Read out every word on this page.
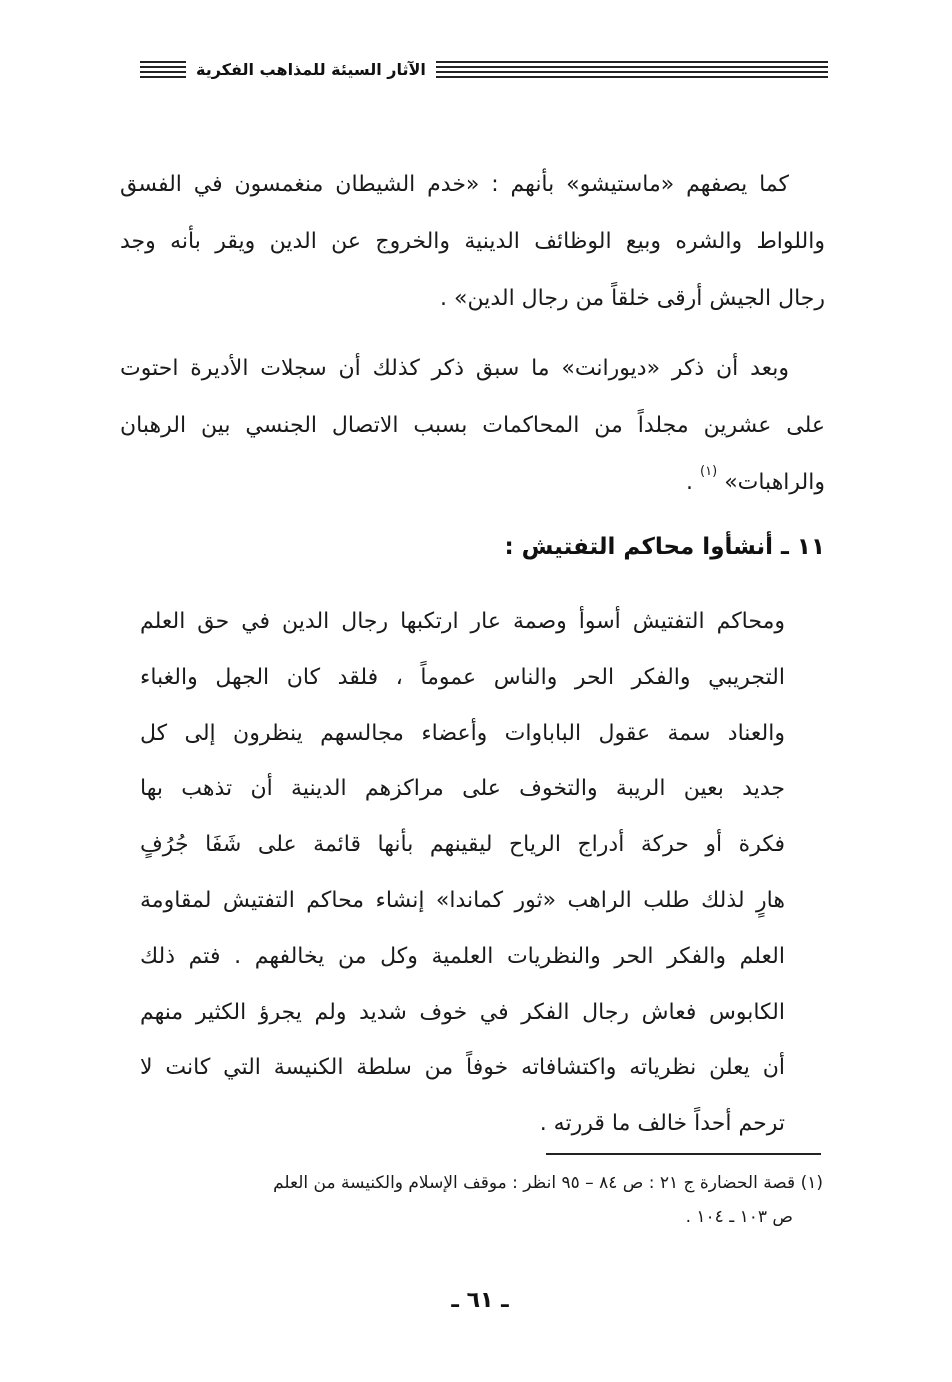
الآثار السيئة للمذاهب الفكرية
كما يصفهم «ماستيشو» بأنهم : «خدم الشيطان منغمسون في الفسق
واللواط والشره وبيع الوظائف الدينية والخروج عن الدين ويقر بأنه وجد
رجال الجيش أرقى خلقاً من رجال الدين» .
وبعد أن ذكر «ديورانت» ما سبق ذكر كذلك أن سجلات الأديرة احتوت
على عشرين مجلداً من المحاكمات بسبب الاتصال الجنسي بين الرهبان
والراهبات» $^{(١)}$ .
١١ ـ أنشأوا محاكم التفتيش :
ومحاكم التفتيش أسوأ وصمة عار ارتكبها رجال الدين في حق العلم
التجريبي والفكر الحر والناس عموماً ، فلقد كان الجهل والغباء
والعناد سمة عقول الباباوات وأعضاء مجالسهم ينظرون إلى كل
جديد بعين الريبة والتخوف على مراكزهم الدينية أن تذهب بها
فكرة أو حركة أدراج الرياح ليقينهم بأنها قائمة على شَفَا جُرُفٍ
هارٍ لذلك طلب الراهب «ثور كماندا» إنشاء محاكم التفتيش لمقاومة
العلم والفكر الحر والنظريات العلمية وكل من يخالفهم . فتم ذلك
الكابوس فعاش رجال الفكر في خوف شديد ولم يجرؤ الكثير منهم
أن يعلن نظرياته واكتشافاته خوفاً من سلطة الكنيسة التي كانت لا
ترحم أحداً خالف ما قررته .
(١) قصة الحضارة ج ٢١ : ص ٨٤ – ٩٥ انظر : موقف الإسلام والكنيسة من العلم
ص ١٠٣ ـ ١٠٤ .
ـ ٦١ ـ
